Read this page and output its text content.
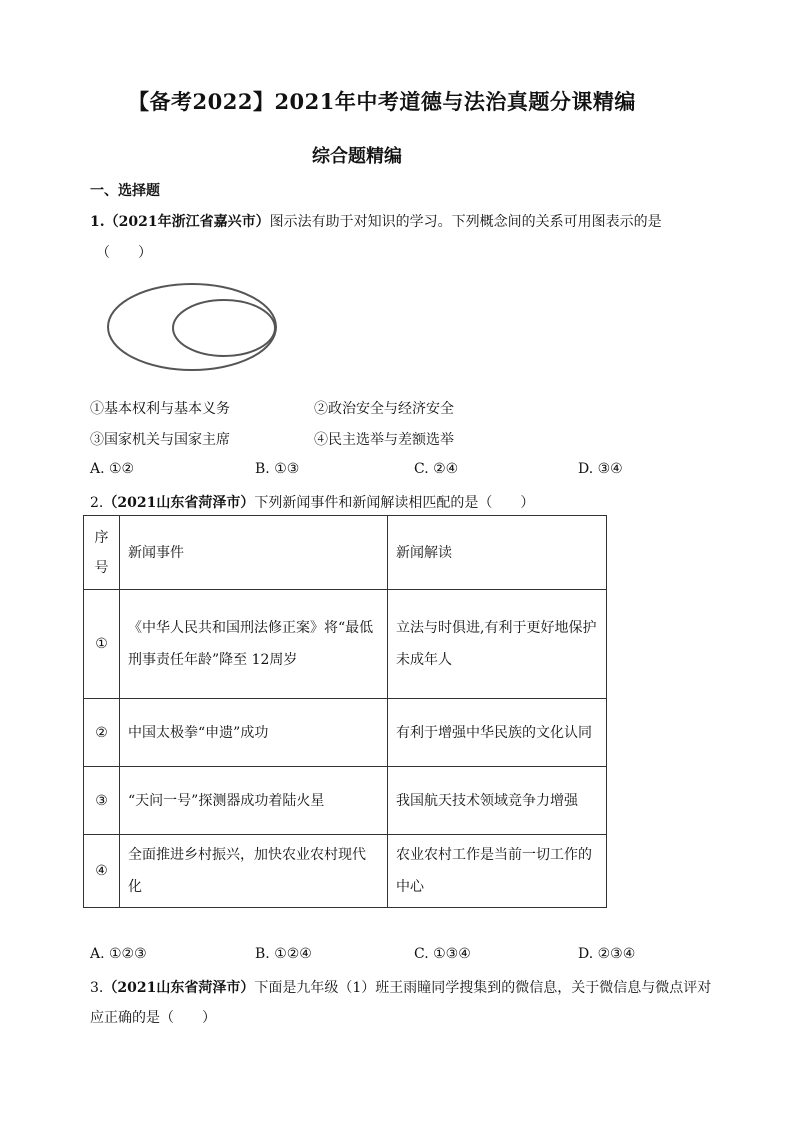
【备考2022】2021年中考道德与法治真题分课精编
综合题精编
一、选择题
1.（2021年浙江省嘉兴市）图示法有助于对知识的学习。下列概念间的关系可用图表示的是
（　　）
①基本权利与基本义务	②政治安全与经济安全
③国家机关与国家主席	④民主选举与差额选举
A. ①②	B. ①③	C. ②④	D. ③④
2.（2021山东省菏泽市）下列新闻事件和新闻解读相匹配的是（　　）
序号	新闻事件	新闻解读
①	《中华人民共和国刑法修正案》将“最低刑事责任年龄”降至 12周岁	立法与时俱进,有利于更好地保护未成年人
②	中国太极拳“申遗”成功	有利于增强中华民族的文化认同
③	“天问一号”探测器成功着陆火星	我国航天技术领域竞争力增强
④	全面推进乡村振兴，加快农业农村现代化	农业农村工作是当前一切工作的中心
A. ①②③	B. ①②④	C. ①③④	D. ②③④
3.（2021山东省菏泽市）下面是九年级（1）班王雨瞳同学搜集到的微信息，关于微信息与微点评对
应正确的是（　　）
